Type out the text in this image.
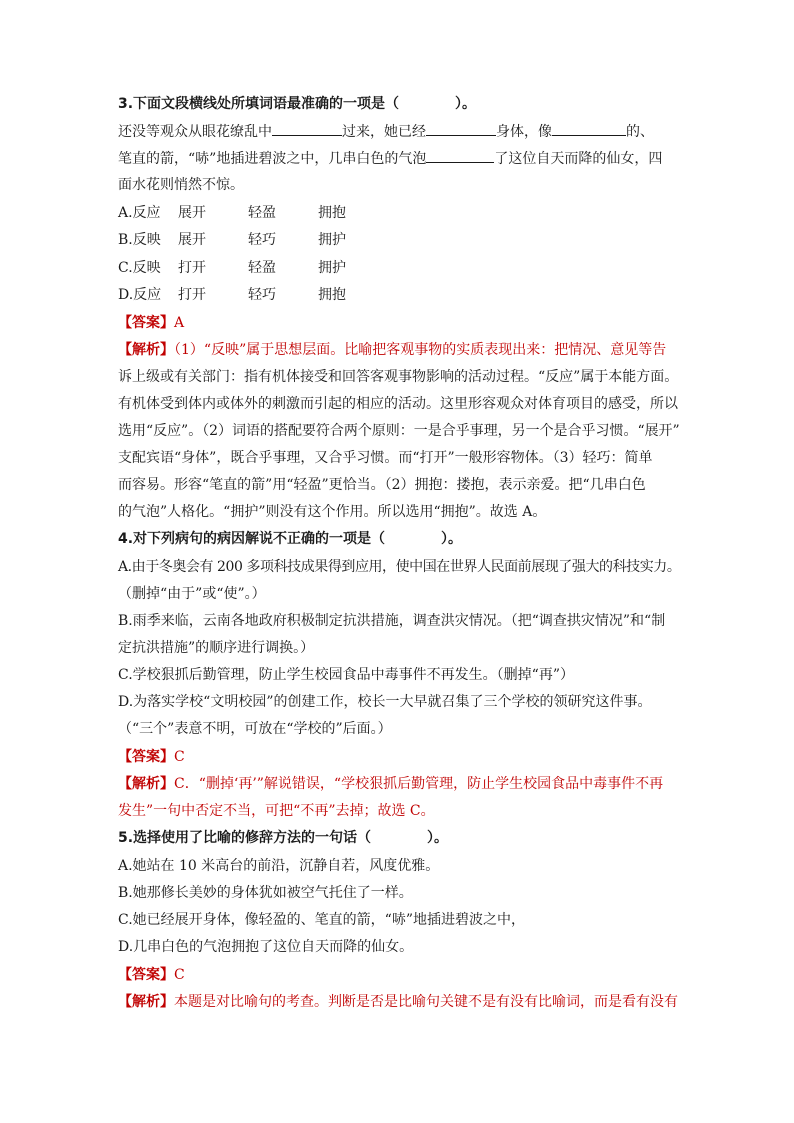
3.下面文段横线处所填词语最准确的一项是（　　　　）。
还没等观众从眼花缭乱中	过来，她已经	身体，像	的、
笔直的箭，“哧”地插进碧波之中，几串白色的气泡	了这位自天而降的仙女，四
面水花则悄然不惊。
A.反应 展开	轻盈	拥抱
B.反映 展开	轻巧	拥护
C.反映 打开	轻盈	拥护
D.反应 打开	轻巧	拥抱
【答案】A
【解析】（1）“反映”属于思想层面。比喻把客观事物的实质表现出来：把情况、意见等告
诉上级或有关部门：指有机体接受和回答客观事物影响的活动过程。“反应”属于本能方面。
有机体受到体内或体外的刺激而引起的相应的活动。这里形容观众对体育项目的感受，所以
选用“反应”。（2）词语的搭配要符合两个原则：一是合乎事理，另一个是合乎习惯。“展开”
支配宾语“身体”，既合乎事理，又合乎习惯。而“打开”一般形容物体。（3）轻巧：简单
而容易。形容“笔直的箭”用“轻盈”更恰当。（2）拥抱：搂抱，表示亲爱。把“几串白色
的气泡”人格化。“拥护”则没有这个作用。所以选用“拥抱”。故选 A。
4.对下列病句的病因解说不正确的一项是（　　　　）。
A.由于冬奥会有 200 多项科技成果得到应用，使中国在世界人民面前展现了强大的科技实力。
（删掉“由于”或“使”。）
B.雨季来临，云南各地政府积极制定抗洪措施，调查洪灾情况。（把“调查拱灾情况”和“制
定抗洪措施”的顺序进行调换。）
C.学校狠抓后勤管理，防止学生校园食品中毒事件不再发生。（删掉“再”）
D.为落实学校“文明校园”的创建工作，校长一大早就召集了三个学校的领研究这件事。
（“三个”表意不明，可放在“学校的”后面。）
【答案】C
【解析】C．“删掉‘再’”解说错误，“学校狠抓后勤管理，防止学生校园食品中毒事件不再
发生”一句中否定不当，可把“不再”去掉；故选 C。
5.选择使用了比喻的修辞方法的一句话（　　　　）。
A.她站在 10 米高台的前沿，沉静自若，风度优雅。
B.她那修长美妙的身体犹如被空气托住了一样。
C.她已经展开身体，像轻盈的、笔直的箭，“哧”地插进碧波之中，
D.几串白色的气泡拥抱了这位自天而降的仙女。
【答案】C
【解析】本题是对比喻句的考查。判断是否是比喻句关键不是有没有比喻词，而是看有没有
